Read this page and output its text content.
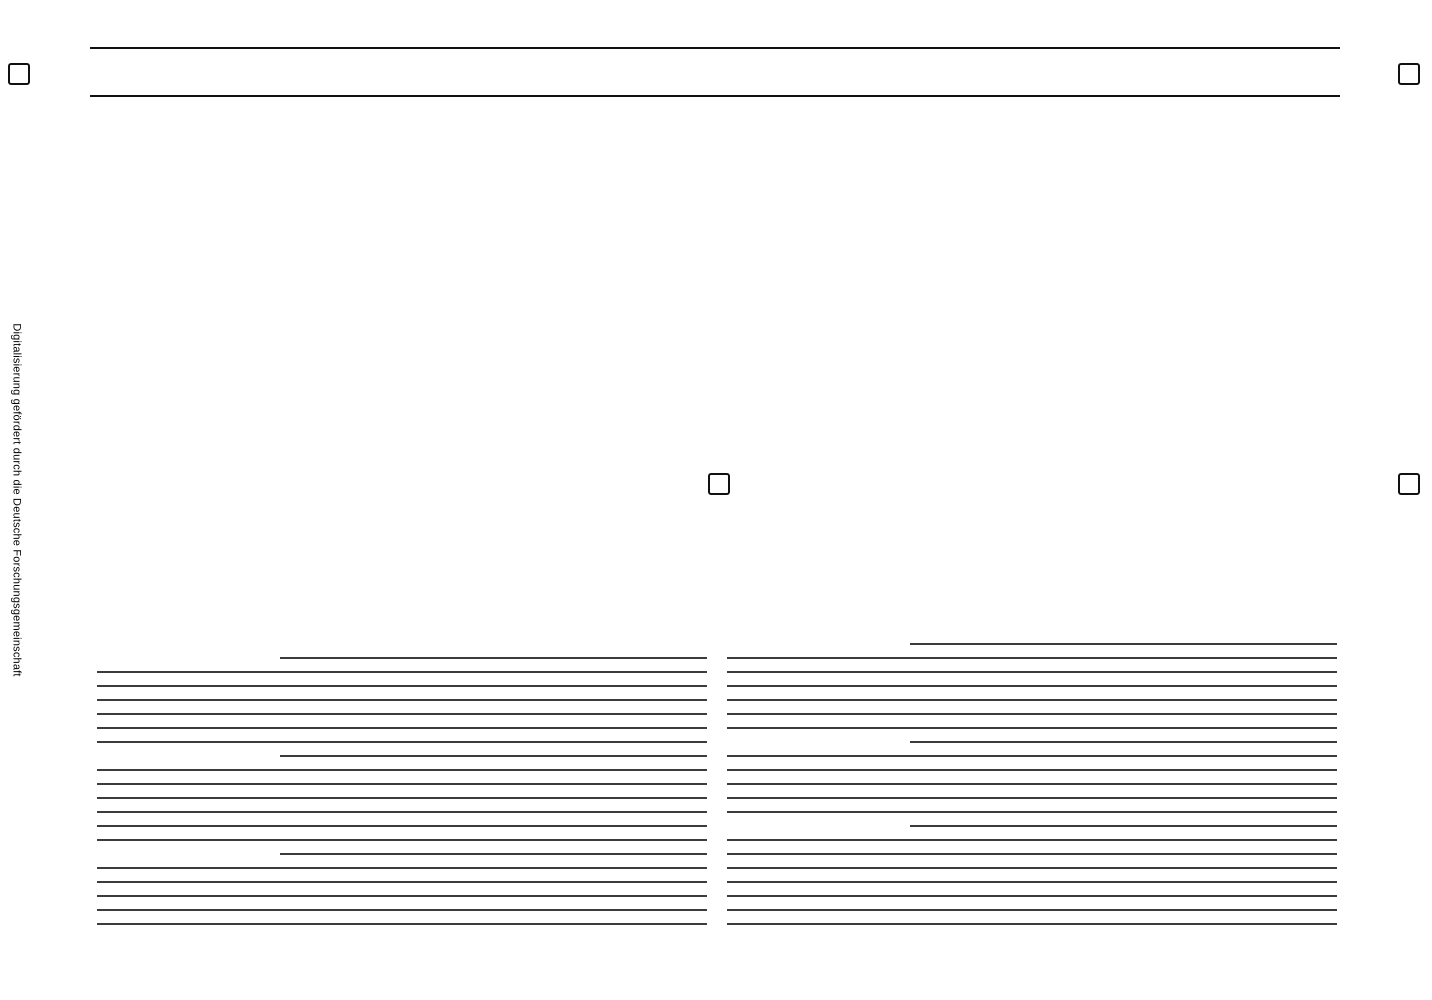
Digitalisierung gefördert durch die Deutsche Forschungsgemeinschaft
